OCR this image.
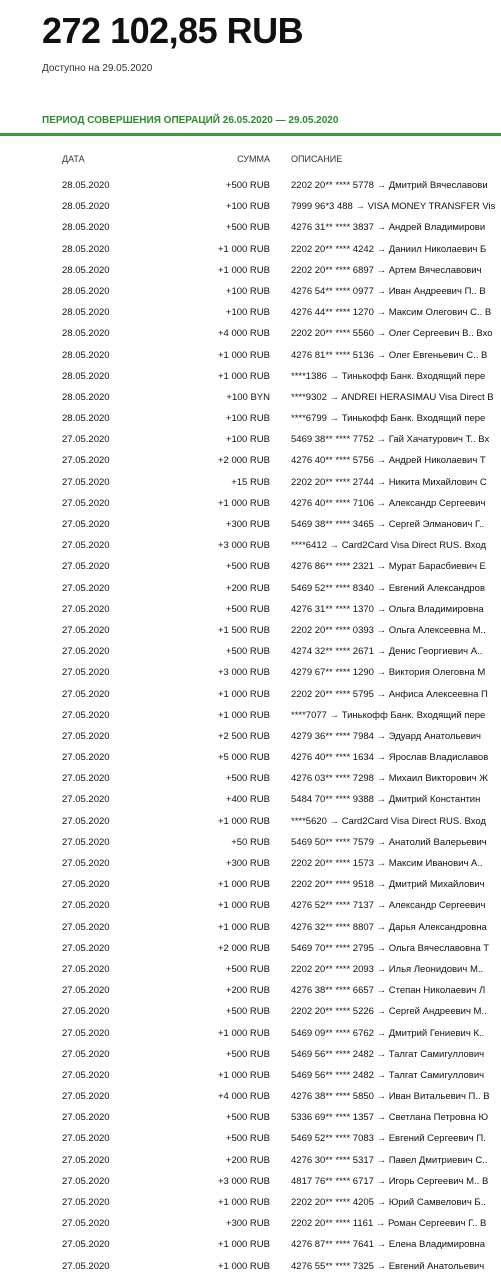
272 102,85 RUB
Доступно на 29.05.2020
ПЕРИОД СОВЕРШЕНИЯ ОПЕРАЦИЙ 26.05.2020 — 29.05.2020
ДАТА	СУММА ОПИСАНИЕ
28.05.2020	+500 RUB 2202 20** **** 5778 → Дмитрий Вячеславови
28.05.2020	+100 RUB 7999 96*3 488 → VISA MONEY TRANSFER Vis
28.05.2020	+500 RUB 4276 31** **** 3837 → Андрей Владимирови
28.05.2020	+1 000 RUB 2202 20** **** 4242 → Даниил Николаевич Б
28.05.2020	+1 000 RUB 2202 20** **** 6897 → Артем Вячеславович
28.05.2020	+100 RUB 4276 54** **** 0977 → Иван Андреевич П.. В
28.05.2020	+100 RUB 4276 44** **** 1270 → Максим Олегович С.. В
28.05.2020	+4 000 RUB 2202 20** **** 5560 → Олег Сергеевич В.. Вхо
28.05.2020	+1 000 RUB 4276 81** **** 5136 → Олег Евгеньевич С.. В
28.05.2020	+1 000 RUB ****1386 → Тинькофф Банк. Входящий пере
28.05.2020	+100 BYN ****9302 → ANDREI HERASIMAU Visa Direct B
28.05.2020	+100 RUB ****6799 → Тинькофф Банк. Входящий пере
27.05.2020	+100 RUB 5469 38** **** 7752 → Гай Хачатурович Т.. Вх
27.05.2020	+2 000 RUB 4276 40** **** 5756 → Андрей Николаевич Т
27.05.2020	+15 RUB 2202 20** **** 2744 → Никита Михайлович С
27.05.2020	+1 000 RUB 4276 40** **** 7106 → Александр Сергеевич
27.05.2020	+300 RUB 5469 38** **** 3465 → Сергей Элманович Г..
27.05.2020	+3 000 RUB ****6412 → Card2Card Visa Direct RUS. Вход
27.05.2020	+500 RUB 4276 86** **** 2321 → Мурат Барасбиевич Е
27.05.2020	+200 RUB 5469 52** **** 8340 → Евгений Александров
27.05.2020	+500 RUB 4276 31** **** 1370 → Ольга Владимировна
27.05.2020	+1 500 RUB 2202 20** **** 0393 → Ольга Алексеевна М..
27.05.2020	+500 RUB 4274 32** **** 2671 → Денис Георгиевич А..
27.05.2020	+3 000 RUB 4279 67** **** 1290 → Виктория Олеговна М
27.05.2020	+1 000 RUB 2202 20** **** 5795 → Анфиса Алексеевна П
27.05.2020	+1 000 RUB ****7077 → Тинькофф Банк. Входящий пере
27.05.2020	+2 500 RUB 4279 36** **** 7984 → Эдуард Анатольевич
27.05.2020	+5 000 RUB 4276 40** **** 1634 → Ярослав Владиславов
27.05.2020	+500 RUB 4276 03** **** 7298 → Михаил Викторович Ж
27.05.2020	+400 RUB 5484 70** **** 9388 → Дмитрий Константин
27.05.2020	+1 000 RUB ****5620 → Card2Card Visa Direct RUS. Вход
27.05.2020	+50 RUB 5469 50** **** 7579 → Анатолий Валерьевич
27.05.2020	+300 RUB 2202 20** **** 1573 → Максим Иванович А..
27.05.2020	+1 000 RUB 2202 20** **** 9518 → Дмитрий Михайлович
27.05.2020	+1 000 RUB 4276 52** **** 7137 → Александр Сергеевич
27.05.2020	+1 000 RUB 4276 32** **** 8807 → Дарья Александровна
27.05.2020	+2 000 RUB 5469 70** **** 2795 → Ольга Вячеславовна Т
27.05.2020	+500 RUB 2202 20** **** 2093 → Илья Леонидович М..
27.05.2020	+200 RUB 4276 38** **** 6657 → Степан Николаевич Л
27.05.2020	+500 RUB 2202 20** **** 5226 → Сергей Андреевич М..
27.05.2020	+1 000 RUB 5469 09** **** 6762 → Дмитрий Гениевич К..
27.05.2020	+500 RUB 5469 56** **** 2482 → Талгат Самигуллович
27.05.2020	+1 000 RUB 5469 56** **** 2482 → Талгат Самигуллович
27.05.2020	+4 000 RUB 4276 38** **** 5850 → Иван Витальевич П.. В
27.05.2020	+500 RUB 5336 69** **** 1357 → Светлана Петровна Ю
27.05.2020	+500 RUB 5469 52** **** 7083 → Евгений Сергеевич П.
27.05.2020	+200 RUB 4276 30** **** 5317 → Павел Дмитриевич С..
27.05.2020	+3 000 RUB 4817 76** **** 6717 → Игорь Сергеевич М.. В
27.05.2020	+1 000 RUB 2202 20** **** 4205 → Юрий Самвелович Б..
27.05.2020	+300 RUB 2202 20** **** 1161 → Роман Сергеевич Г.. В
27.05.2020	+1 000 RUB 4276 87** **** 7641 → Елена Владимировна
27.05.2020	+1 000 RUB 4276 55** **** 7325 → Евгений Анатольевич
